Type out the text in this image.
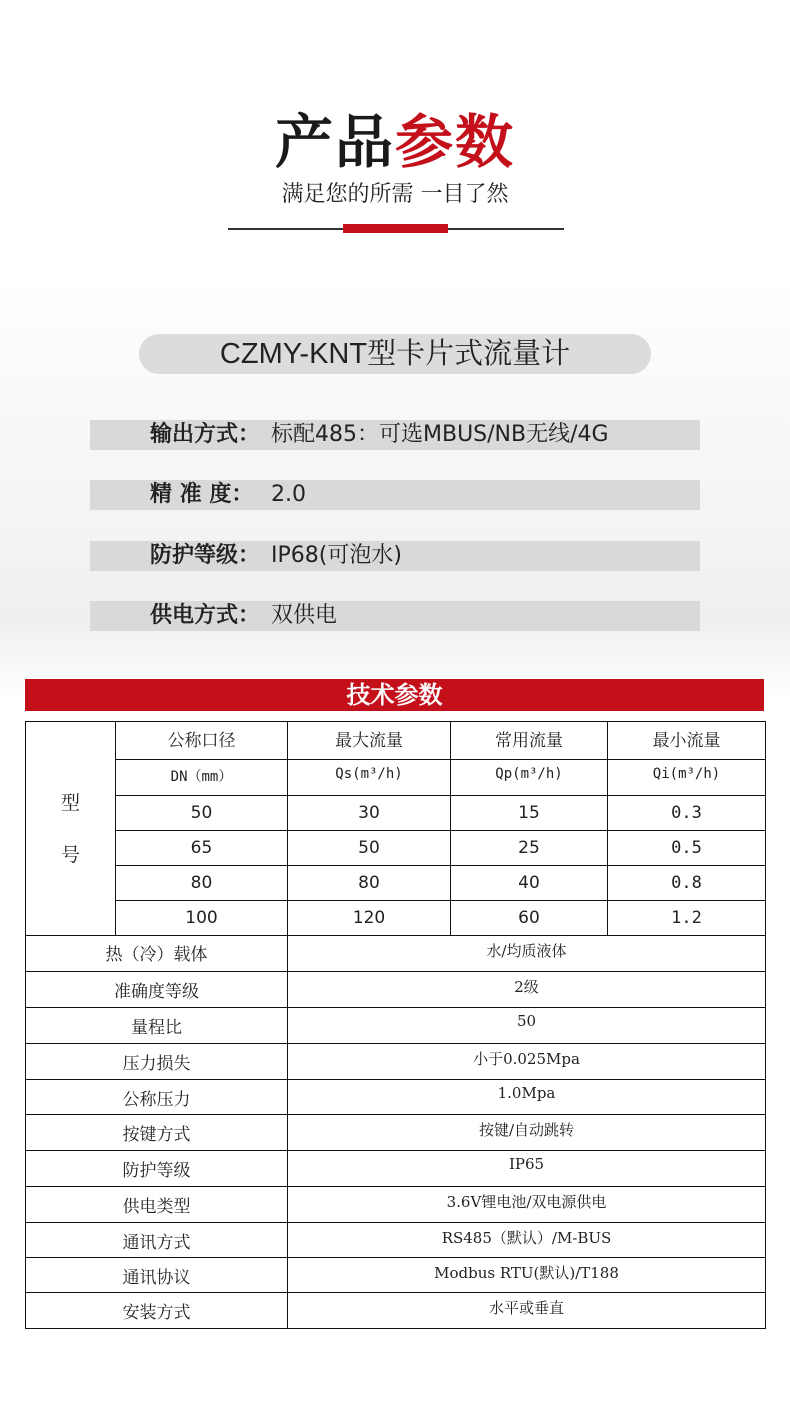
产品参数
满足您的所需 一目了然
CZMY-KNT型卡片式流量计
输出方式： 标配485：可选MBUS/NB无线/4G
精 准 度： 2.0
防护等级： IP68(可泡水)
供电方式： 双供电
技术参数
型
号	公称口径	最大流量	常用流量	最小流量
	DN（mm）	Qs(m³/h)	Qp(m³/h)	Qi(m³/h)
	50	30	15	0.3
	65	50	25	0.5
	80	80	40	0.8
	100	120	60	1.2
热（冷）载体		水/均质液体		
准确度等级		2级		
量程比		50		
压力损失		小于0.025Mpa		
公称压力		1.0Mpa		
按键方式		按键/自动跳转		
防护等级		IP65		
供电类型		3.6V锂电池/双电源供电		
通讯方式		RS485（默认）/M-BUS		
通讯协议		Modbus RTU(默认)/T188		
安装方式		水平或垂直		
